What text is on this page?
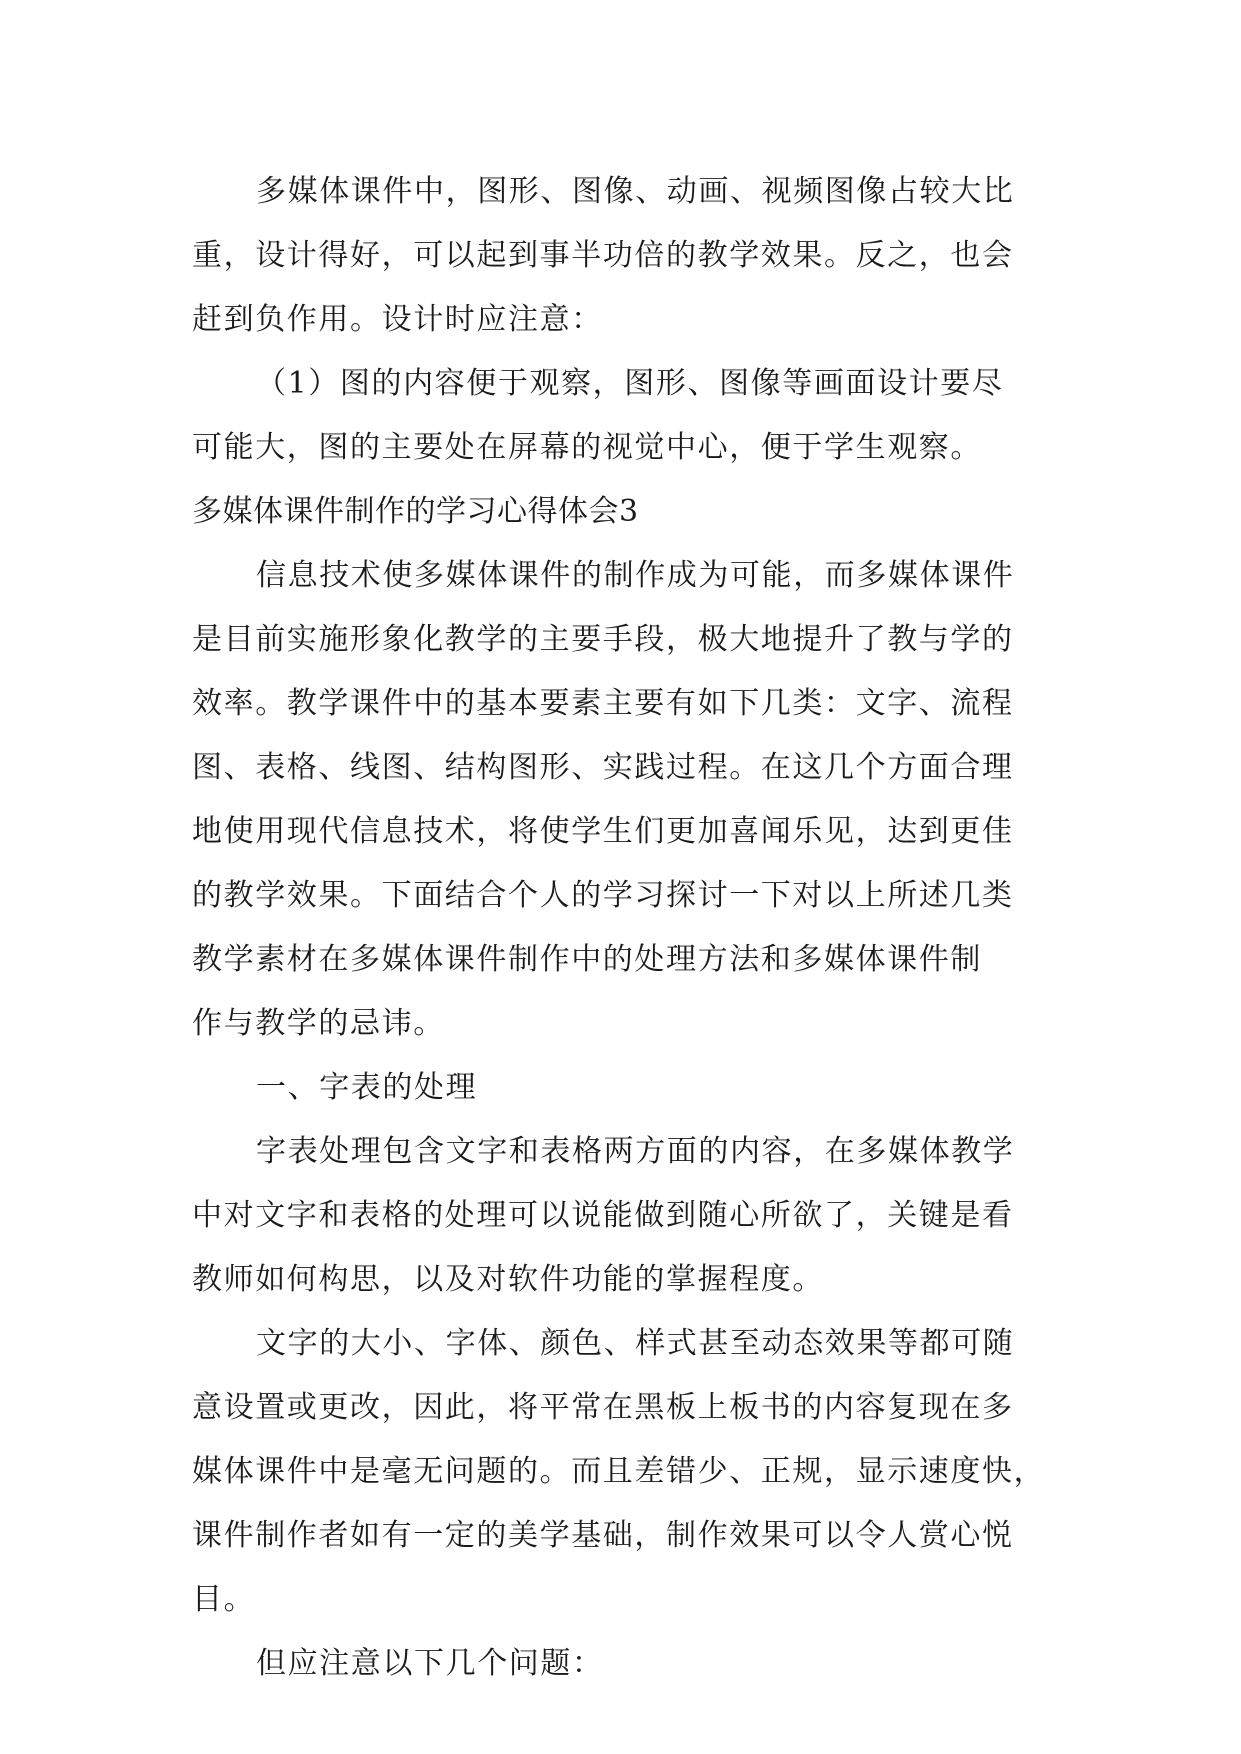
多媒体课件中，图形、图像、动画、视频图像占较大比
重，设计得好，可以起到事半功倍的教学效果。反之，也会
赶到负作用。设计时应注意：
（1）图的内容便于观察，图形、图像等画面设计要尽
可能大，图的主要处在屏幕的视觉中心，便于学生观察。
多媒体课件制作的学习心得体会3
信息技术使多媒体课件的制作成为可能，而多媒体课件
是目前实施形象化教学的主要手段，极大地提升了教与学的
效率。教学课件中的基本要素主要有如下几类：文字、流程
图、表格、线图、结构图形、实践过程。在这几个方面合理
地使用现代信息技术，将使学生们更加喜闻乐见，达到更佳
的教学效果。下面结合个人的学习探讨一下对以上所述几类
教学素材在多媒体课件制作中的处理方法和多媒体课件制
作与教学的忌讳。
一、字表的处理
字表处理包含文字和表格两方面的内容，在多媒体教学
中对文字和表格的处理可以说能做到随心所欲了，关键是看
教师如何构思，以及对软件功能的掌握程度。
文字的大小、字体、颜色、样式甚至动态效果等都可随
意设置或更改，因此，将平常在黑板上板书的内容复现在多
媒体课件中是毫无问题的。而且差错少、正规，显示速度快，
课件制作者如有一定的美学基础，制作效果可以令人赏心悦
目。
但应注意以下几个问题：
